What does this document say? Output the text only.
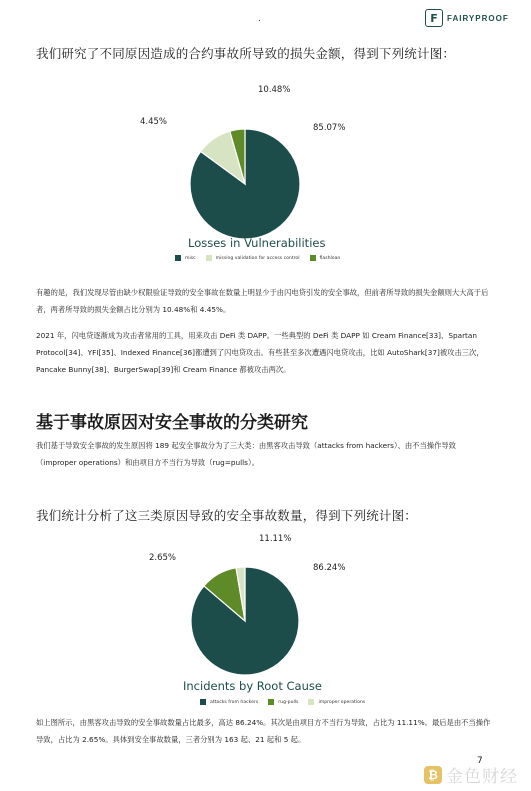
.	F	FAIRYPROOF
我们研究了不同原因造成的合约事故所导致的损失金额，得到下列统计图：
85.07%
10.48%
4.45%
Losses in Vulnerabilities
misc	missing validation for access control	flashloan

有趣的是，我们发现尽管由缺少权限验证导致的安全事故在数量上明显少于由闪电贷引发的安全事故，但前者所导致的损失金额则大大高于后者，两者所导致的损失金额占比分别为 10.48%和 4.45%。

2021 年，闪电贷逐渐成为攻击者常用的工具，用来攻击 DeFi 类 DAPP。一些典型的 DeFi 类 DAPP 如 Cream Finance[33]、Spartan Protocol[34]、YFI[35]、Indexed Finance[36]都遭到了闪电贷攻击。有些甚至多次遭遇闪电贷攻击，比如 AutoShark[37]被攻击三次，Pancake Bunny[38]、BurgerSwap[39]和 Cream Finance 都被攻击两次。

基于事故原因对安全事故的分类研究

我们基于导致安全事故的发生原因将 189 起安全事故分为了三大类：由黑客攻击导致（attacks from hackers）、由不当操作导致（improper operations）和由项目方不当行为导致（rug=pulls）。

我们统计分析了这三类原因导致的安全事故数量，得到下列统计图：
86.24%
11.11%
2.65%
Incidents by Root Cause
attacks from hackers	rug-pulls	improper operations

如上图所示，由黑客攻击导致的安全事故数量占比最多，高达 86.24%。其次是由项目方不当行为导致，占比为 11.11%。最后是由不当操作导致，占比为 2.65%。具体到安全事故数量，三者分别为 163 起、21 起和 5 起。

7
₿ 金色财经
